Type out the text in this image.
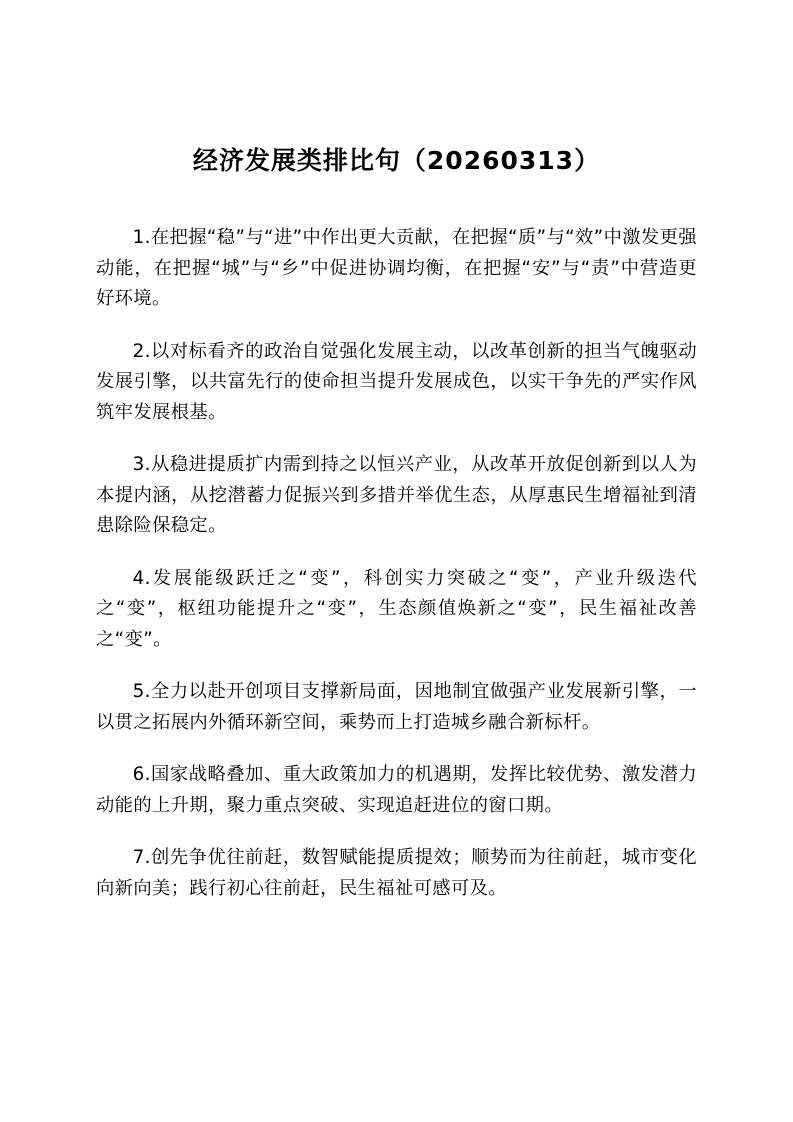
经济发展类排比句（20260313）

1.在把握“稳”与“进”中作出更大贡献，在把握“质”与“效”中激发更强动能，在把握“城”与“乡”中促进协调均衡，在把握“安”与“责”中营造更好环境。

2.以对标看齐的政治自觉强化发展主动，以改革创新的担当气魄驱动发展引擎，以共富先行的使命担当提升发展成色，以实干争先的严实作风筑牢发展根基。

3.从稳进提质扩内需到持之以恒兴产业，从改革开放促创新到以人为本提内涵，从挖潜蓄力促振兴到多措并举优生态，从厚惠民生增福祉到清患除险保稳定。

4.发展能级跃迁之“变”，科创实力突破之“变”，产业升级迭代之“变”，枢纽功能提升之“变”，生态颜值焕新之“变”，民生福祉改善之“变”。

5.全力以赴开创项目支撑新局面，因地制宜做强产业发展新引擎，一以贯之拓展内外循环新空间，乘势而上打造城乡融合新标杆。

6.国家战略叠加、重大政策加力的机遇期，发挥比较优势、激发潜力动能的上升期，聚力重点突破、实现追赶进位的窗口期。

7.创先争优往前赶，数智赋能提质提效；顺势而为往前赶，城市变化向新向美；践行初心往前赶，民生福祉可感可及。
